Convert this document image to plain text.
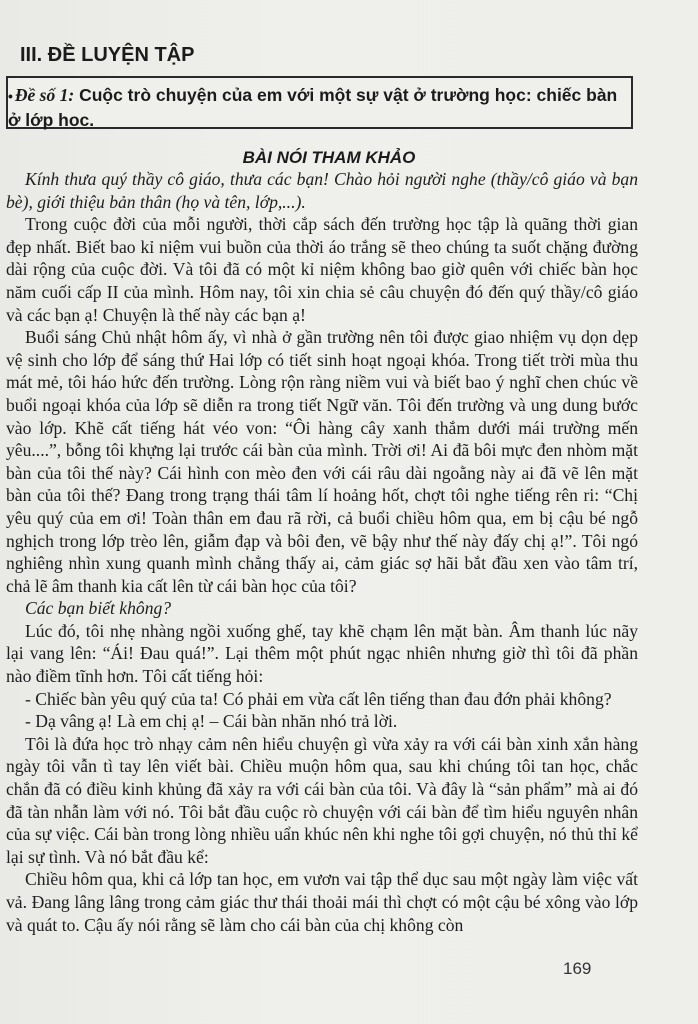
III. ĐỀ LUYỆN TẬP
• Đề số 1: Cuộc trò chuyện của em với một sự vật ở trường học: chiếc bàn
ở lớp học.
BÀI NÓI THAM KHẢO

Kính thưa quý thầy cô giáo, thưa các bạn! Chào hỏi người nghe (thầy/cô giáo và bạn bè), giới thiệu bản thân (họ và tên, lớp,...).

Trong cuộc đời của mỗi người, thời cắp sách đến trường học tập là quãng thời gian đẹp nhất. Biết bao kỉ niệm vui buồn của thời áo trắng sẽ theo chúng ta suốt chặng đường dài rộng của cuộc đời. Và tôi đã có một kỉ niệm không bao giờ quên với chiếc bàn học năm cuối cấp II của mình. Hôm nay, tôi xin chia sẻ câu chuyện đó đến quý thầy/cô giáo và các bạn ạ! Chuyện là thế này các bạn ạ!

Buổi sáng Chủ nhật hôm ấy, vì nhà ở gần trường nên tôi được giao nhiệm vụ dọn dẹp vệ sinh cho lớp để sáng thứ Hai lớp có tiết sinh hoạt ngoại khóa. Trong tiết trời mùa thu mát mẻ, tôi háo hức đến trường. Lòng rộn ràng niềm vui và biết bao ý nghĩ chen chúc về buổi ngoại khóa của lớp sẽ diễn ra trong tiết Ngữ văn. Tôi đến trường và ung dung bước vào lớp. Khẽ cất tiếng hát véo von: “Ôi hàng cây xanh thắm dưới mái trường mến yêu....”, bỗng tôi khựng lại trước cái bàn của mình. Trời ơi! Ai đã bôi mực đen nhòm mặt bàn của tôi thế này? Cái hình con mèo đen với cái râu dài ngoằng này ai đã vẽ lên mặt bàn của tôi thế? Đang trong trạng thái tâm lí hoảng hốt, chợt tôi nghe tiếng rên ri: “Chị yêu quý của em ơi! Toàn thân em đau rã rời, cả buổi chiều hôm qua, em bị cậu bé ngỗ nghịch trong lớp trèo lên, giẫm đạp và bôi đen, vẽ bậy như thế này đấy chị ạ!”. Tôi ngó nghiêng nhìn xung quanh mình chẳng thấy ai, cảm giác sợ hãi bắt đầu xen vào tâm trí, chả lẽ âm thanh kia cất lên từ cái bàn học của tôi?

Các bạn biết không?

Lúc đó, tôi nhẹ nhàng ngồi xuống ghế, tay khẽ chạm lên mặt bàn. Âm thanh lúc nãy lại vang lên: “Ái! Đau quá!”. Lại thêm một phút ngạc nhiên nhưng giờ thì tôi đã phần nào điềm tĩnh hơn. Tôi cất tiếng hỏi:

- Chiếc bàn yêu quý của ta! Có phải em vừa cất lên tiếng than đau đớn phải không?

- Dạ vâng ạ! Là em chị ạ! – Cái bàn nhăn nhó trả lời.

Tôi là đứa học trò nhạy cảm nên hiểu chuyện gì vừa xảy ra với cái bàn xinh xắn hàng ngày tôi vẫn tì tay lên viết bài. Chiều muộn hôm qua, sau khi chúng tôi tan học, chắc chắn đã có điều kinh khủng đã xảy ra với cái bàn của tôi. Và đây là “sản phẩm” mà ai đó đã tàn nhẫn làm với nó. Tôi bắt đầu cuộc rò chuyện với cái bàn để tìm hiểu nguyên nhân của sự việc. Cái bàn trong lòng nhiều uẩn khúc nên khi nghe tôi gợi chuyện, nó thủ thỉ kể lại sự tình. Và nó bắt đầu kể:

Chiều hôm qua, khi cả lớp tan học, em vươn vai tập thể dục sau một ngày làm việc vất vả. Đang lâng lâng trong cảm giác thư thái thoải mái thì chợt có một cậu bé xông vào lớp và quát to. Cậu ấy nói rằng sẽ làm cho cái bàn của chị không còn

169
